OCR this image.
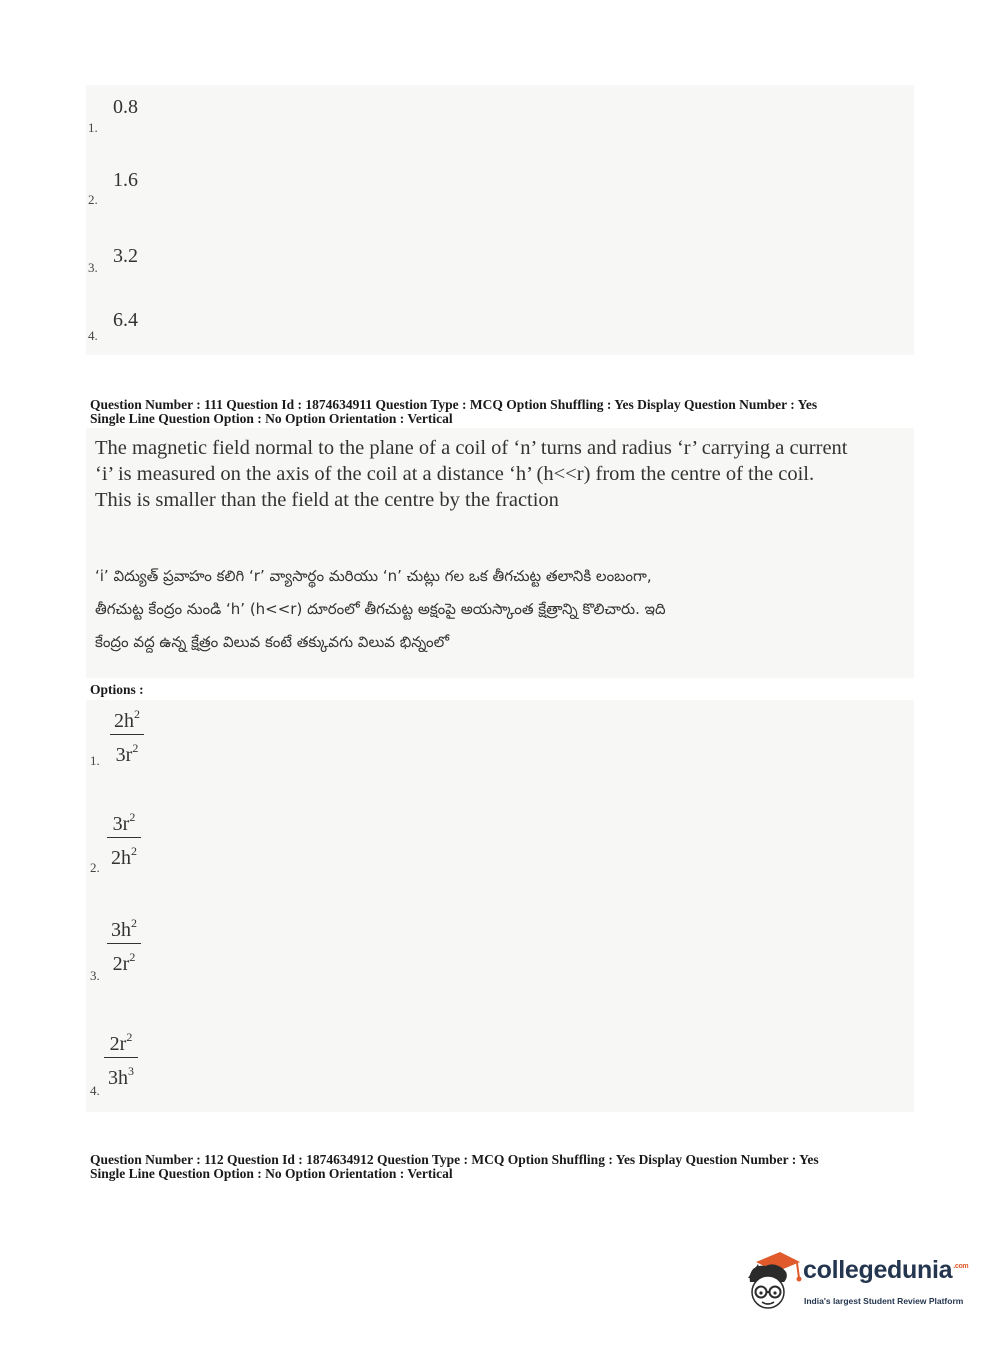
1.
0.8
2.
1.6
3.
3.2
4.
6.4
Question Number : 111 Question Id : 1874634911 Question Type : MCQ Option Shuffling : Yes Display Question Number : Yes
Single Line Question Option : No Option Orientation : Vertical
The magnetic field normal to the plane of a coil of ‘n’ turns and radius ‘r’ carrying a current
‘i’ is measured on the axis of the coil at a distance ‘h’ (h<<r) from the centre of the coil.
This is smaller than the field at the centre by the fraction
‘i’ విద్యుత్ ప్రవాహం కలిగి ‘r’ వ్యాసార్థం మరియు ‘n’ చుట్లు గల ఒక తీగచుట్ట తలానికి లంబంగా,
తీగచుట్ట కేంద్రం నుండి ‘h’ (h<<r) దూరంలో తీగచుట్ట అక్షంపై అయస్కాంత క్షేత్రాన్ని కొలిచారు. ఇది
కేంద్రం వద్ద ఉన్న క్షేత్రం విలువ కంటే తక్కువగు విలువ భిన్నంలో
Options :
1.
$2h^2$
$3r^2$
2.
$3r^2$
$2h^2$
3.
$3h^2$
$2r^2$
4.
$2r^2$
$3h^3$
Question Number : 112 Question Id : 1874634912 Question Type : MCQ Option Shuffling : Yes Display Question Number : Yes
Single Line Question Option : No Option Orientation : Vertical
collegedunia$^{.com}$
India's largest Student Review Platform
